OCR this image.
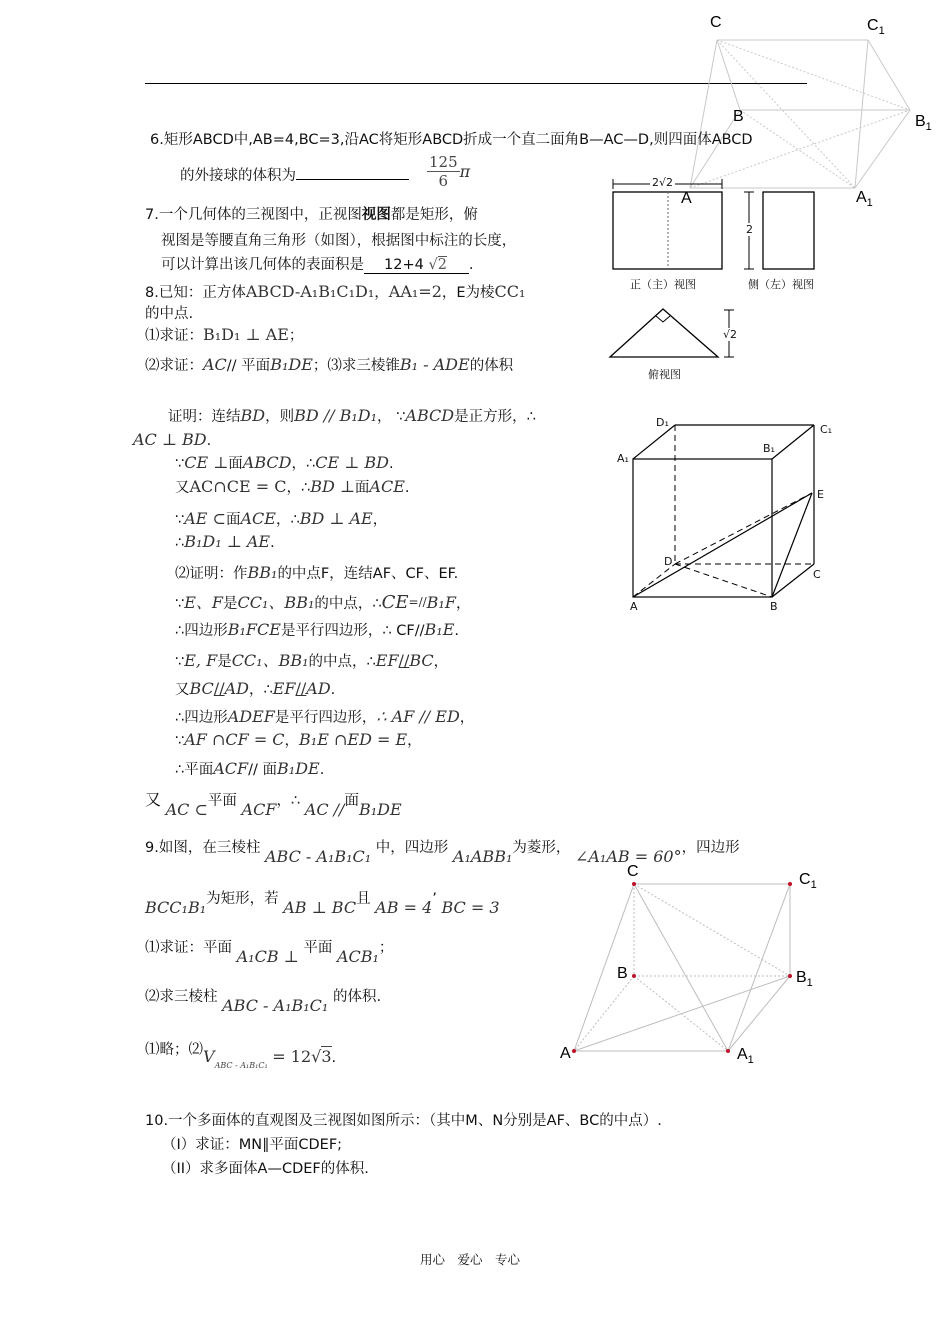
C	$C_1$
B	$B_1$
A	$A_1$
6.矩形ABCD中,AB=4,BC=3,沿AC将矩形ABCD折成一个直二面角B—AC—D,则四面体ABCD
的外接球的体积为	$\frac{125}{6}$ π
7.一个几何体的三视图中，正视图视图都是矩形，俯
视图是等腰直角三角形（如图），根据图中标注的长度，
可以计算出该几何体的表面积是 12+4 √2 .
2√2
2
正（主）视图	侧（左）视图
√2
俯视图
8.已知：正方体ABCD-A₁B₁C₁D₁，AA₁=2，E为棱CC₁
的中点.
⑴求证：B₁D₁ ⊥ AE；
⑵求证：AC// 平面B₁DE；⑶求三棱锥B₁ - ADE的体积
D₁
C₁
A₁
B₁
E
D
C
A	B
证明：连结BD，则BD // B₁D₁， ∵ABCD是正方形，∴
AC ⊥ BD.
∵CE ⊥面ABCD，∴CE ⊥ BD.
又AC∩CE = C，∴BD ⊥面ACE.
∵AE ⊂面ACE，∴BD ⊥ AE，
∴B₁D₁ ⊥ AE.
⑵证明：作BB₁的中点F，连结AF、CF、EF.
∵E、F是CC₁、BB₁的中点，∴CE=//B₁F，
∴四边形B₁FCE是平行四边形，∴ CF//B₁E.
∵E, F是CC₁、BB₁的中点，∴EF//BC，
又BC//AD，∴EF//AD.
∴四边形ADEF是平行四边形，∴ AF // ED，
∵AF ∩CF = C，B₁E ∩ED = E，
∴平面ACF// 面B₁DE.
又 AC ⊂平面 ACF，∴ AC //面B₁DE
9.如图，在三棱柱 ABC - A₁B₁C₁ 中，四边形 A₁ABB₁为菱形， ∠A₁AB = 60°，四边形
BCC₁B₁为矩形，若 AB ⊥ BC且 AB = 4’ BC = 3
⑴求证：平面 A₁CB ⊥ 平面 ACB₁；
⑵求三棱柱 ABC - A₁B₁C₁ 的体积.
⑴略；$⑵V_{ABC - A_1B_1C_1} = 12√3$.
C	$C_1$
B	$B_1$
A	$A_1$
10.一个多面体的直观图及三视图如图所示：（其中M、N分别是AF、BC的中点）.
（I）求证：MN∥平面CDEF;
（II）求多面体A—CDEF的体积.
用心　爱心　专心
